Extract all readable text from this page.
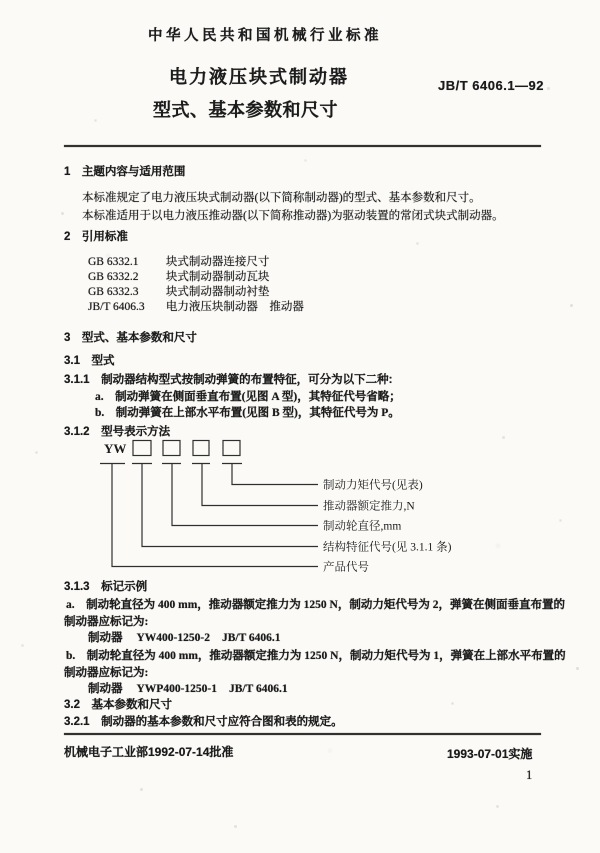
中华人民共和国机械行业标准
电力液压块式制动器
型式、基本参数和尺寸
JB/T 6406.1—92
1　主题内容与适用范围
本标准规定了电力液压块式制动器(以下简称制动器)的型式、基本参数和尺寸。
本标准适用于以电力液压推动器(以下简称推动器)为驱动装置的常闭式块式制动器。
2　引用标准
GB 6332.1 块式制动器连接尺寸
GB 6332.2 块式制动器制动瓦块
GB 6332.3 块式制动器制动衬垫
JB/T 6406.3 电力液压块制动器　推动器
3　型式、基本参数和尺寸
3.1　型式
3.1.1　制动器结构型式按制动弹簧的布置特征，可分为以下二种:
a.　制动弹簧在侧面垂直布置(见图 A 型)，其特征代号省略；
b.　制动弹簧在上部水平布置(见图 B 型)，其特征代号为 P。
3.1.2　型号表示方法
YW
制动力矩代号(见表)
推动器额定推力,N
制动轮直径,mm
结构特征代号(见 3.1.1 条)
产品代号
3.1.3　标记示例
a.　制动轮直径为 400 mm，推动器额定推力为 1250 N，制动力矩代号为 2，弹簧在侧面垂直布置的
制动器应标记为:
制动器 YW400-1250-2 JB/T 6406.1
b.　制动轮直径为 400 mm，推动器额定推力为 1250 N，制动力矩代号为 1，弹簧在上部水平布置的
制动器应标记为:
制动器 YWP400-1250-1 JB/T 6406.1
3.2　基本参数和尺寸
3.2.1　制动器的基本参数和尺寸应符合图和表的规定。
机械电子工业部1992-07-14批准	1993-07-01实施
1
